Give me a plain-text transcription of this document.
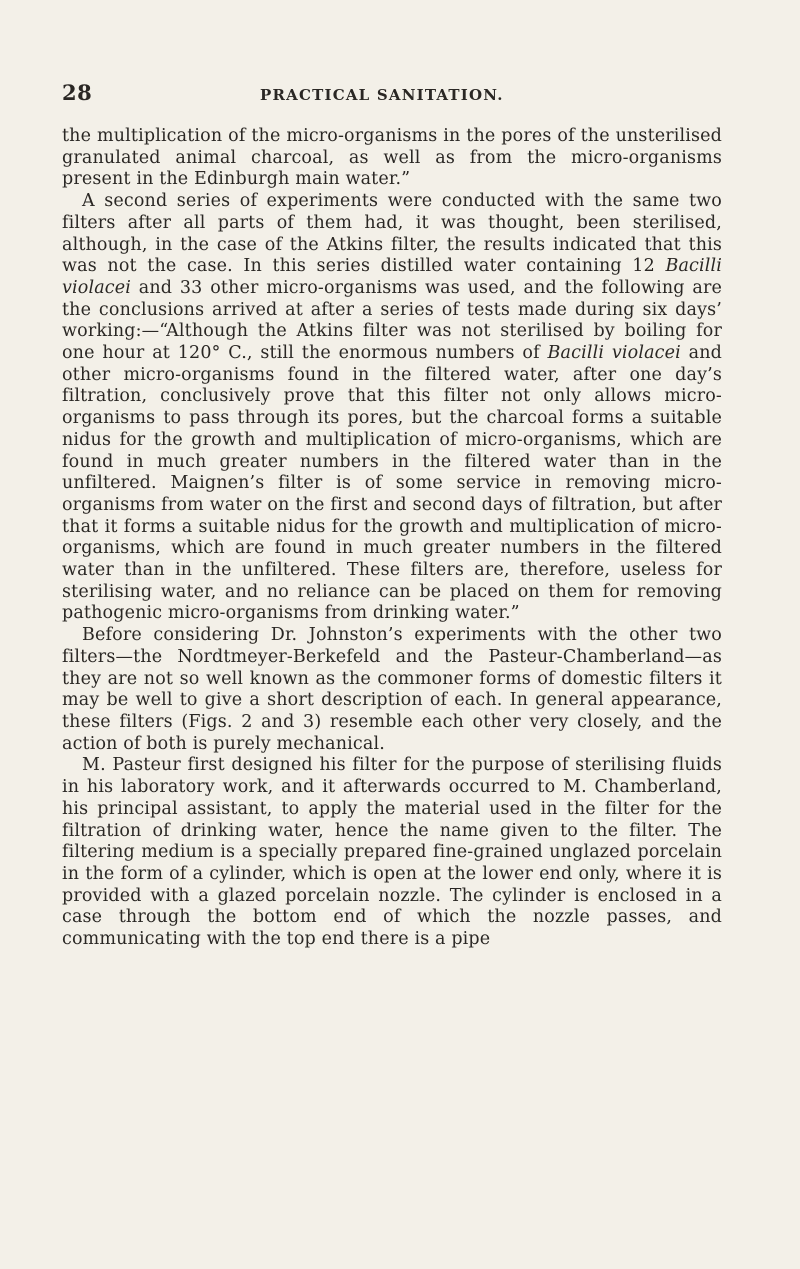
28	PRACTICAL SANITATION.

the multiplication of the micro-organisms in the pores of the unsterilised granulated animal charcoal, as well as from the micro-organisms present in the Edinburgh main water.”

A second series of experiments were conducted with the same two filters after all parts of them had, it was thought, been sterilised, although, in the case of the Atkins filter, the results indicated that this was not the case. In this series distilled water containing 12 Bacilli violacei and 33 other micro-organisms was used, and the following are the conclusions arrived at after a series of tests made during six days’ working:—“Although the Atkins filter was not sterilised by boiling for one hour at 120° C., still the enormous numbers of Bacilli violacei and other micro-organisms found in the filtered water, after one day’s filtration, conclusively prove that this filter not only allows micro-organisms to pass through its pores, but the charcoal forms a suitable nidus for the growth and multiplication of micro-organisms, which are found in much greater numbers in the filtered water than in the unfiltered. Maignen’s filter is of some service in removing micro-organisms from water on the first and second days of filtration, but after that it forms a suitable nidus for the growth and multiplication of micro-organisms, which are found in much greater numbers in the filtered water than in the unfiltered. These filters are, therefore, useless for sterilising water, and no reliance can be placed on them for removing pathogenic micro-organisms from drinking water.”

Before considering Dr. Johnston’s experiments with the other two filters—the Nordtmeyer-Berkefeld and the Pasteur-Chamberland—as they are not so well known as the commoner forms of domestic filters it may be well to give a short description of each. In general appearance, these filters (Figs. 2 and 3) resemble each other very closely, and the action of both is purely mechanical.

M. Pasteur first designed his filter for the purpose of sterilising fluids in his laboratory work, and it afterwards occurred to M. Chamberland, his principal assistant, to apply the material used in the filter for the filtration of drinking water, hence the name given to the filter. The filtering medium is a specially prepared fine-grained unglazed porcelain in the form of a cylinder, which is open at the lower end only, where it is provided with a glazed porcelain nozzle. The cylinder is enclosed in a case through the bottom end of which the nozzle passes, and communicating with the top end there is a pipe
